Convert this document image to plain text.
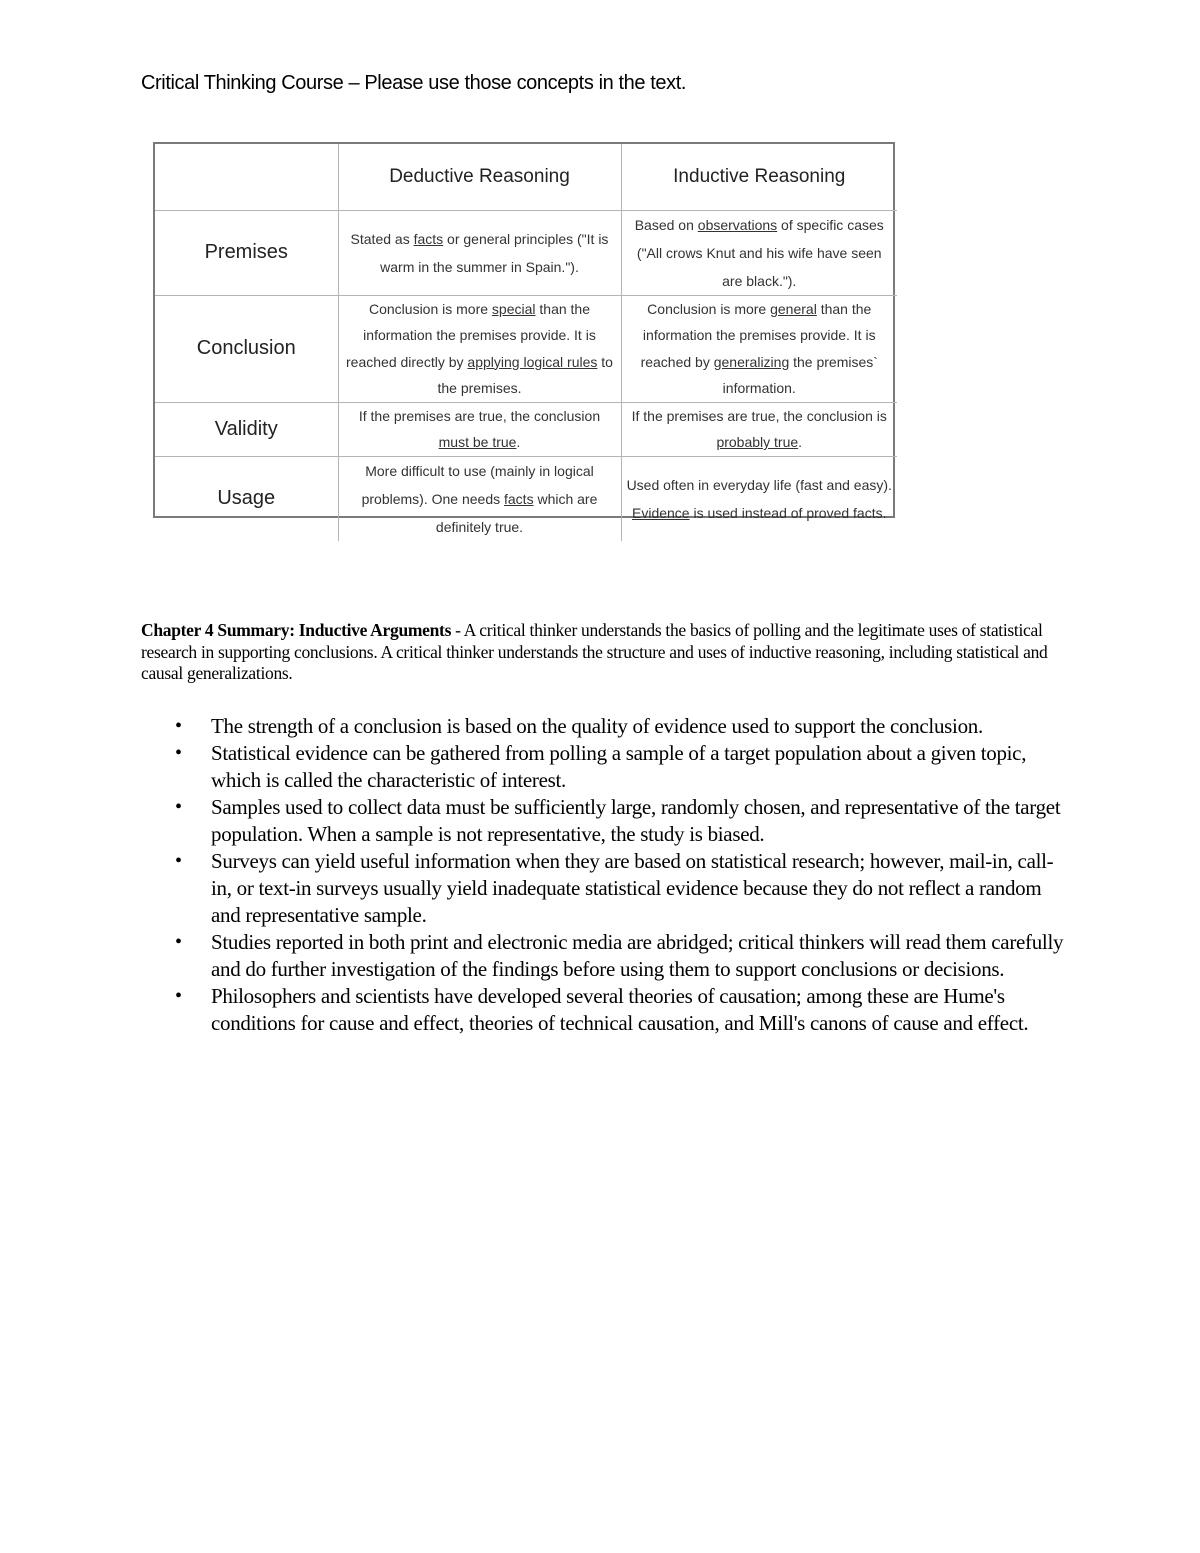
Critical Thinking Course – Please use those concepts in the text.
	Deductive Reasoning	Inductive Reasoning
Premises	Stated as facts or general principles ("It is warm in the summer in Spain.").	Based on observations of specific cases ("All crows Knut and his wife have seen are black.").
Conclusion	Conclusion is more special than the information the premises provide. It is reached directly by applying logical rules to the premises.	Conclusion is more general than the information the premises provide. It is reached by generalizing the premises` information.
Validity	If the premises are true, the conclusion must be true.	If the premises are true, the conclusion is probably true.
Usage	More difficult to use (mainly in logical problems). One needs facts which are definitely true.	Used often in everyday life (fast and easy). Evidence is used instead of proved facts.
Chapter 4 Summary: Inductive Arguments - A critical thinker understands the basics of polling and the legitimate uses of statistical research in supporting conclusions. A critical thinker understands the structure and uses of inductive reasoning, including statistical and causal generalizations.
• The strength of a conclusion is based on the quality of evidence used to support the conclusion.
• Statistical evidence can be gathered from polling a sample of a target population about a given topic, which is called the characteristic of interest.
• Samples used to collect data must be sufficiently large, randomly chosen, and representative of the target population. When a sample is not representative, the study is biased.
• Surveys can yield useful information when they are based on statistical research; however, mail-in, call-in, or text-in surveys usually yield inadequate statistical evidence because they do not reflect a random and representative sample.
• Studies reported in both print and electronic media are abridged; critical thinkers will read them carefully and do further investigation of the findings before using them to support conclusions or decisions.
• Philosophers and scientists have developed several theories of causation; among these are Hume's conditions for cause and effect, theories of technical causation, and Mill's canons of cause and effect.
